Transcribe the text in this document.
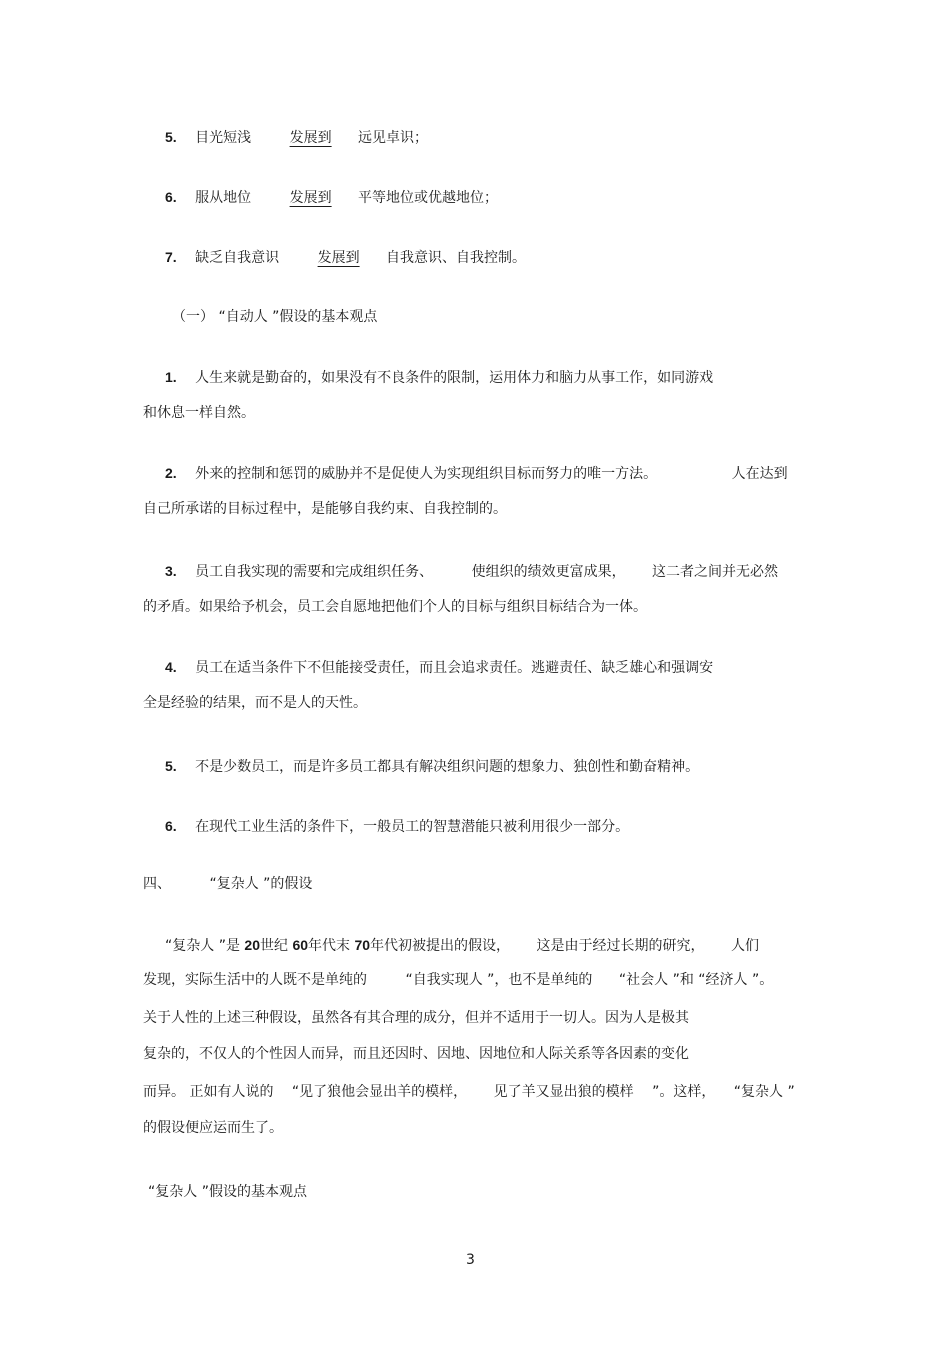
5. 目光短浅	发展到 远见卓识；
6. 服从地位	发展到 平等地位或优越地位；
7. 缺乏自我意识	发展到 自我意识、自我控制。
（一） “自动人 ”假设的基本观点
1. 人生来就是勤奋的，如果没有不良条件的限制，运用体力和脑力从事工作，如同游戏
和休息一样自然。
2. 外来的控制和惩罚的威胁并不是促使人为实现组织目标而努力的唯一方法。	人在达到
自己所承诺的目标过程中，是能够自我约束、自我控制的。
3. 员工自我实现的需要和完成组织任务、	使组织的绩效更富成果， 这二者之间并无必然
的矛盾。如果给予机会，员工会自愿地把他们个人的目标与组织目标结合为一体。
4. 员工在适当条件下不但能接受责任，而且会追求责任。逃避责任、缺乏雄心和强调安
全是经验的结果，而不是人的天性。
5. 不是少数员工，而是许多员工都具有解决组织问题的想象力、独创性和勤奋精神。
6. 在现代工业生活的条件下，一般员工的智慧潜能只被利用很少一部分。
四、	“复杂人 ”的假设
“复杂人 ”是 20世纪 60年代末 70年代初被提出的假设， 这是由于经过长期的研究， 人们
发现，实际生活中的人既不是单纯的	“自我实现人 ”，也不是单纯的 “社会人 ”和 “经济人 ”。
关于人性的上述三种假设，虽然各有其合理的成分，但并不适用于一切人。因为人是极其
复杂的，不仅人的个性因人而异，而且还因时、因地、因地位和人际关系等各因素的变化
而异。 正如有人说的 “见了狼他会显出羊的模样， 见了羊又显出狼的模样 ”。这样， “复杂人 ”
的假设便应运而生了。
“复杂人 ”假设的基本观点
3
